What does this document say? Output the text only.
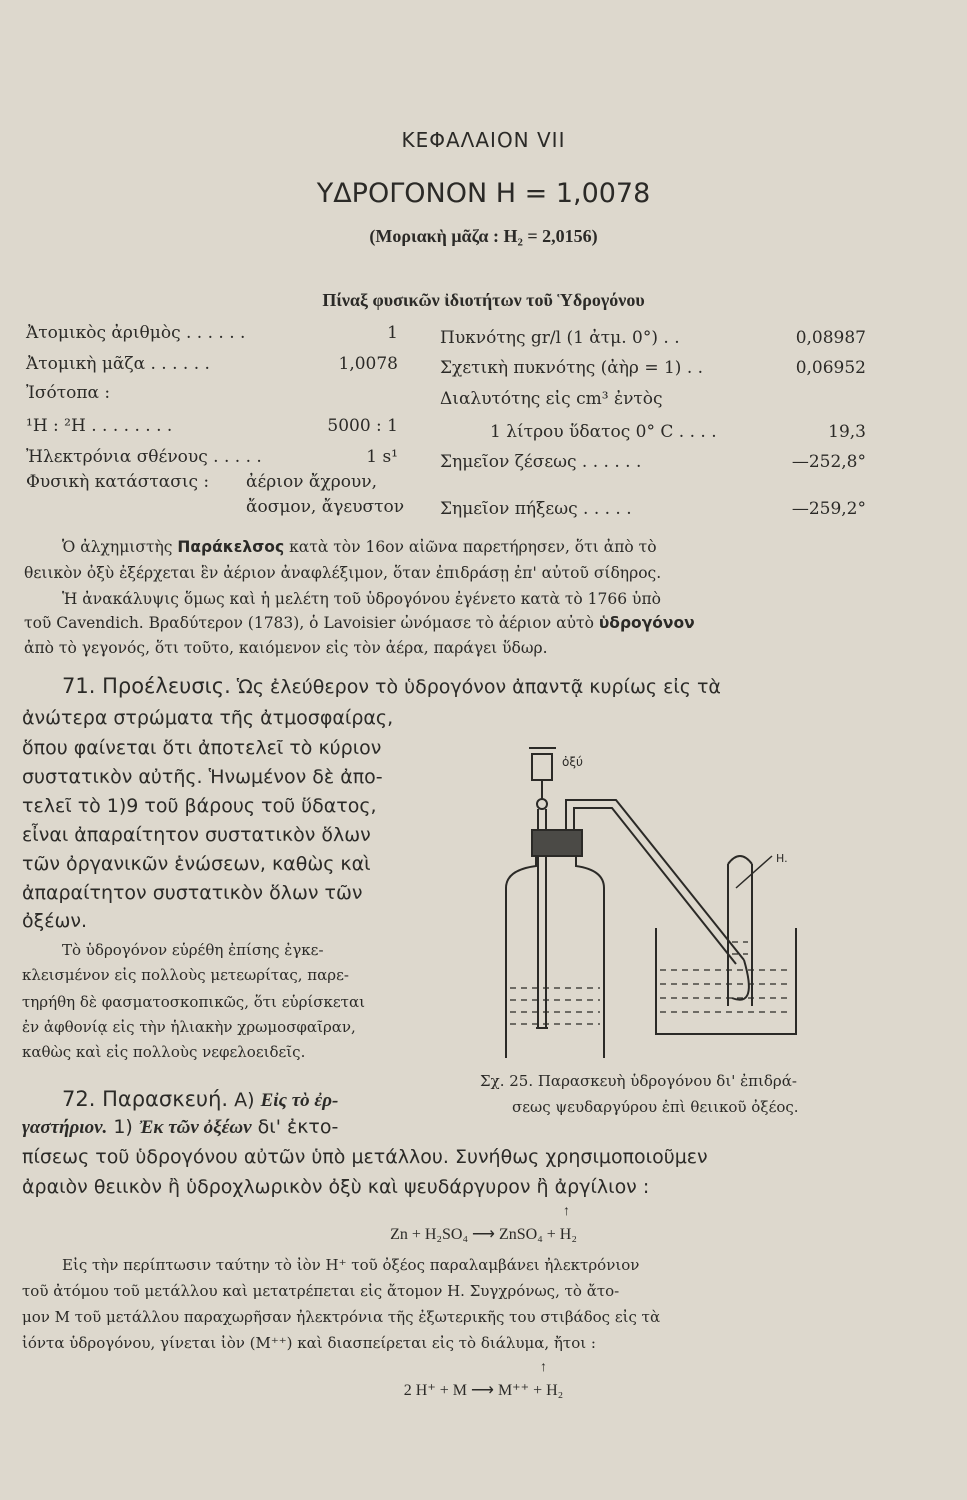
ΚΕΦΑΛΑΙΟΝ VII
ΥΔΡΟΓΟΝΟΝ H = 1,0078
(Μοριακὴ μᾶζα : H₂ = 2,0156)
Πίναξ φυσικῶν ἰδιοτήτων τοῦ Ὑδρογόνου
Ἀτομικὸς ἀριθμὸς . . . . . .	1
Ἀτομικὴ μᾶζα . . . . . .	1,0078
Ἰσότοπα :
¹H : ²H . . . . . . . .	5000 : 1
Ἠλεκτρόνια σθένους . . . . .	1 s¹
Φυσικὴ κατάστασις : ἀέριον ἄχρουν,
ἄοσμον, ἄγευστον
Πυκνότης gr/l (1 ἀτμ. 0°) . .	0,08987
Σχετικὴ πυκνότης (ἀὴρ = 1) . .	0,06952
Διαλυτότης εἰς cm³ ἐντὸς
1 λίτρου ὕδατος 0° C . . . .	19,3
Σημεῖον ζέσεως . . . . . .	—252,8°
Σημεῖον πήξεως . . . . .	—259,2°
Ὁ ἀλχημιστὴς Παράκελσος κατὰ τὸν 16ον αἰῶνα παρετήρησεν, ὅτι ἀπὸ τὸ
θειικὸν ὀξὺ ἐξέρχεται ἓν ἀέριον ἀναφλέξιμον, ὅταν ἐπιδράσῃ ἐπ' αὐτοῦ σίδηρος.
Ἡ ἀνακάλυψις ὅμως καὶ ἡ μελέτη τοῦ ὑδρογόνου ἐγένετο κατὰ τὸ 1766 ὑπὸ
τοῦ Cavendich. Βραδύτερον (1783), ὁ Lavoisier ὠνόμασε τὸ ἀέριον αὐτὸ ὑδρογόνον
ἀπὸ τὸ γεγονός, ὅτι τοῦτο, καιόμενον εἰς τὸν ἀέρα, παράγει ὕδωρ.
71. Προέλευσις. Ὡς ἐλεύθερον τὸ ὑδρογόνον ἀπαντᾷ κυρίως εἰς τὰ
ἀνώτερα στρώματα τῆς ἀτμοσφαίρας,
ὅπου φαίνεται ὅτι ἀποτελεῖ τὸ κύριον
συστατικὸν αὐτῆς. Ἡνωμένον δὲ ἀπο-
τελεῖ τὸ 1)9 τοῦ βάρους τοῦ ὕδατος,
εἶναι ἀπαραίτητον συστατικὸν ὅλων
τῶν ὀργανικῶν ἑνώσεων, καθὼς καὶ
ἀπαραίτητον συστατικὸν ὅλων τῶν
ὀξέων.
Τὸ ὑδρογόνον εὑρέθη ἐπίσης ἐγκε-
κλεισμένον εἰς πολλοὺς μετεωρίτας, παρε-
τηρήθη δὲ φασματοσκοπικῶς, ὅτι εὑρίσκεται
ἐν ἀφθονίᾳ εἰς τὴν ἡλιακὴν χρωμοσφαῖραν,
καθὼς καὶ εἰς πολλοὺς νεφελοειδεῖς.
ὀξύ
H.
Σχ. 25. Παρασκευὴ ὑδρογόνου δι' ἐπιδρά-
σεως ψευδαργύρου ἐπὶ θειικοῦ ὀξέος.
72. Παρασκευή. Α) Εἰς τὸ ἐρ-
γαστήριον. 1) Ἐκ τῶν ὀξέων δι' ἐκτο-
πίσεως τοῦ ὑδρογόνου αὐτῶν ὑπὸ μετάλλου. Συνήθως χρησιμοποιοῦμεν
ἀραιὸν θειικὸν ἢ ὑδροχλωρικὸν ὀξὺ καὶ ψευδάργυρον ἢ ἀργίλιον :
↑
Zn + H₂SO₄ ⟶ ZnSO₄ + H₂
Εἰς τὴν περίπτωσιν ταύτην τὸ ἰὸν H⁺ τοῦ ὀξέος παραλαμβάνει ἠλεκτρόνιον
τοῦ ἀτόμου τοῦ μετάλλου καὶ μετατρέπεται εἰς ἄτομον H. Συγχρόνως, τὸ ἄτο-
μον M τοῦ μετάλλου παραχωρῆσαν ἠλεκτρόνια τῆς ἐξωτερικῆς του στιβάδος εἰς τὰ
ἰόντα ὑδρογόνου, γίνεται ἰὸν (M⁺⁺) καὶ διασπείρεται εἰς τὸ διάλυμα, ἤτοι :
↑
2 H⁺ + M ⟶ M⁺⁺ + H₂
